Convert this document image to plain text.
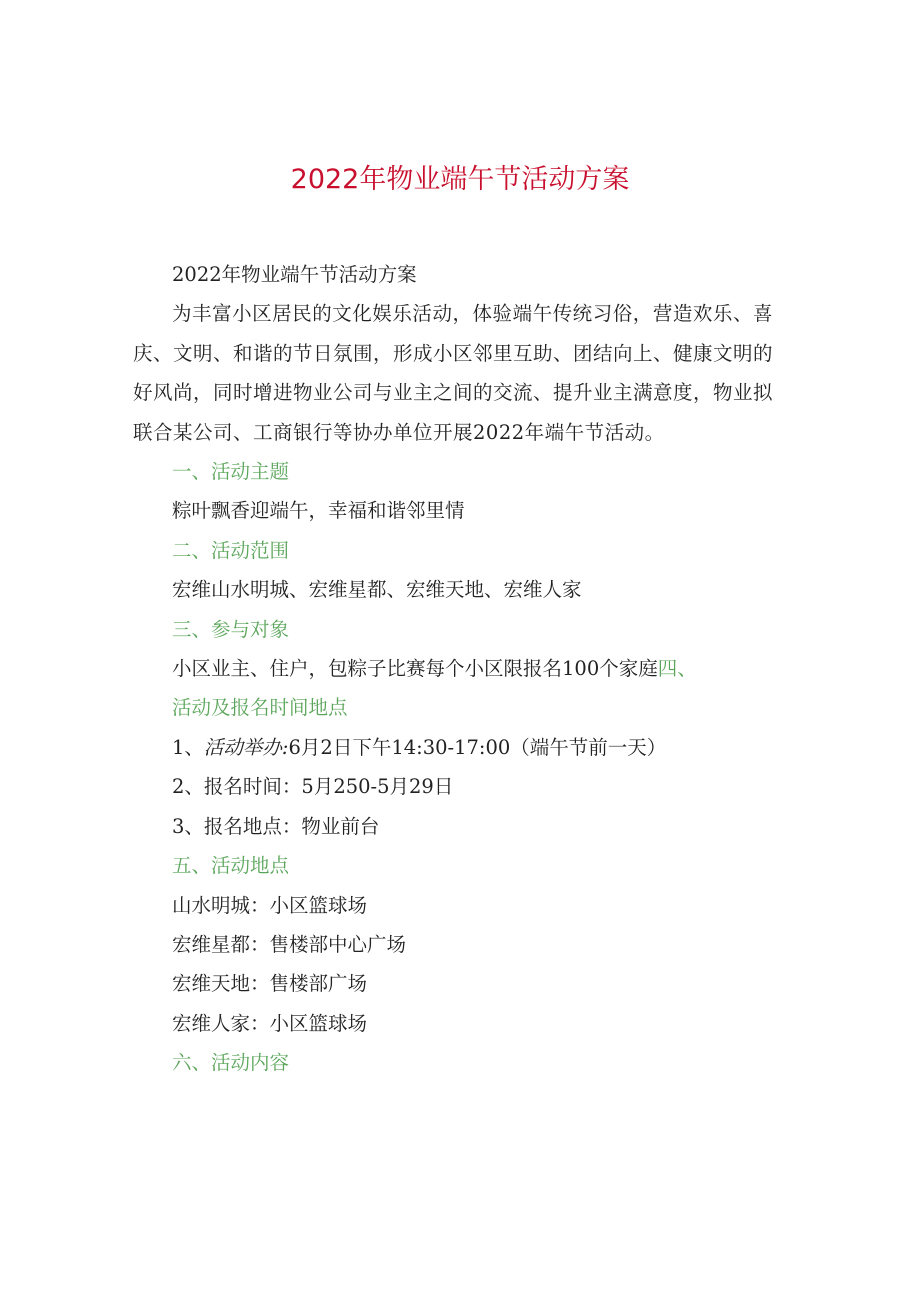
2022年物业端午节活动方案

2022年物业端午节活动方案

为丰富小区居民的文化娱乐活动，体验端午传统习俗，营造欢乐、喜庆、文明、和谐的节日氛围，形成小区邻里互助、团结向上、健康文明的好风尚，同时增进物业公司与业主之间的交流、提升业主满意度，物业拟联合某公司、工商银行等协办单位开展2022年端午节活动。

一、活动主题

粽叶飘香迎端午，幸福和谐邻里情

二、活动范围

宏维山水明城、宏维星都、宏维天地、宏维人家

三、参与对象

小区业主、住户，包粽子比赛每个小区限报名100个家庭四、

活动及报名时间地点

1、活动举办:6月2日下午14:30-17:00（端午节前一天）

2、报名时间：5月250-5月29日

3、报名地点：物业前台

五、活动地点

山水明城：小区篮球场

宏维星都：售楼部中心广场

宏维天地：售楼部广场

宏维人家：小区篮球场

六、活动内容
